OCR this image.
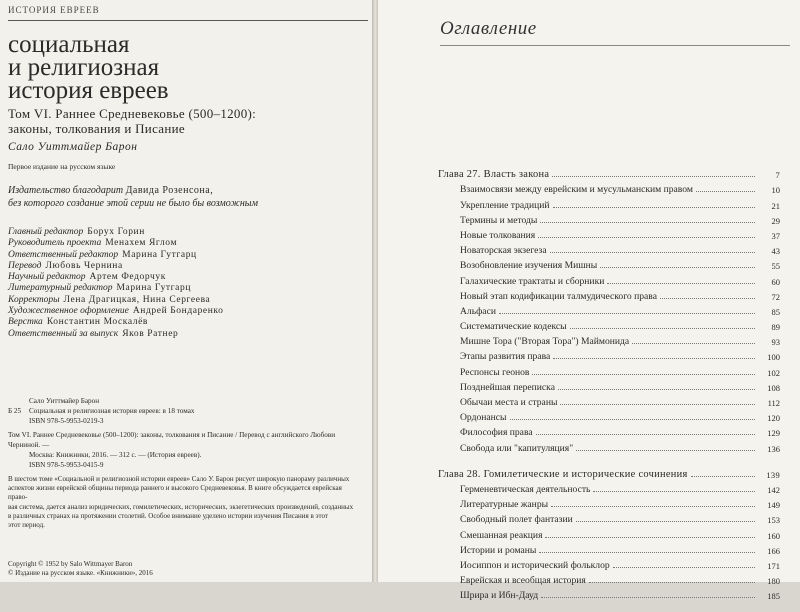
ИСТОРИЯ ЕВРЕЕВ
социальная
и религиозная
история евреев
Том VI. Раннее Средневековье (500–1200):
законы, толкования и Писание
Сало Уиттмайер Барон
Первое издание на русском языке
Издательство благодарит Давида Розенсона,
без которого создание этой серии не было бы возможным
Главный редактор Борух Горин
Руководитель проекта Менахем Яглом
Ответственный редактор Марина Гутгарц
Перевод Любовь Чернина
Научный редактор Артем Федорчук
Литературный редактор Марина Гутгарц
Корректоры Лена Драгицкая, Нина Сергеева
Художественное оформление Андрей Бондаренко
Верстка Константин Москалёв
Ответственный за выпуск Яков Ратнер
Сало Уиттмайер Барон
Б 25	Социальная и религиозная история евреев: в 18 томах
ISBN 978-5-9953-0219-3
Том VI. Раннее Средневековье (500–1200): законы, толкования и Писание / Перевод с английского Любови Черниной. —
Москва: Книжники, 2016. — 312 с. — (История евреев).
ISBN 978-5-9953-0415-9
В шестом томе «Социальной и религиозной истории евреев» Сало У. Барон рисует широкую панораму различных
аспектов жизни еврейской общины периода раннего и высокого Средневековья. В книге обсуждается еврейская право-
вая система, дается анализ юридических, гомилетических, исторических, экзегетических произведений, созданных
в различных странах на протяжении столетий. Особое внимание уделено истории изучения Писания в этот
этот период.
Copyright © 1952 by Salo Wittmayer Baron
© Издание на русском языке. «Книжники», 2016
Оглавление
Глава 27. Власть закона	7
Взаимосвязи между еврейским и мусульманским правом	10
Укрепление традиций	21
Термины и методы	29
Новые толкования	37
Новаторская экзегеза	43
Возобновление изучения Мишны	55
Галахические трактаты и сборники	60
Новый этап кодификации талмудического права	72
Альфаси	85
Систематические кодексы	89
Мишне Тора ("Вторая Тора") Маймонида	93
Этапы развития права	100
Респонсы геонов	102
Позднейшая переписка	108
Обычаи места и страны	112
Ордонансы	120
Философия права	129
Свобода или "капитуляция"	136
Глава 28. Гомилетические и исторические сочинения	139
Герменевтическая деятельность	142
Литературные жанры	149
Свободный полет фантазии	153
Смешанная реакция	160
Истории и романы	166
Иосиппон и исторический фольклор	171
Еврейская и всеобщая история	180
Шрира и Ибн-Дауд	185
